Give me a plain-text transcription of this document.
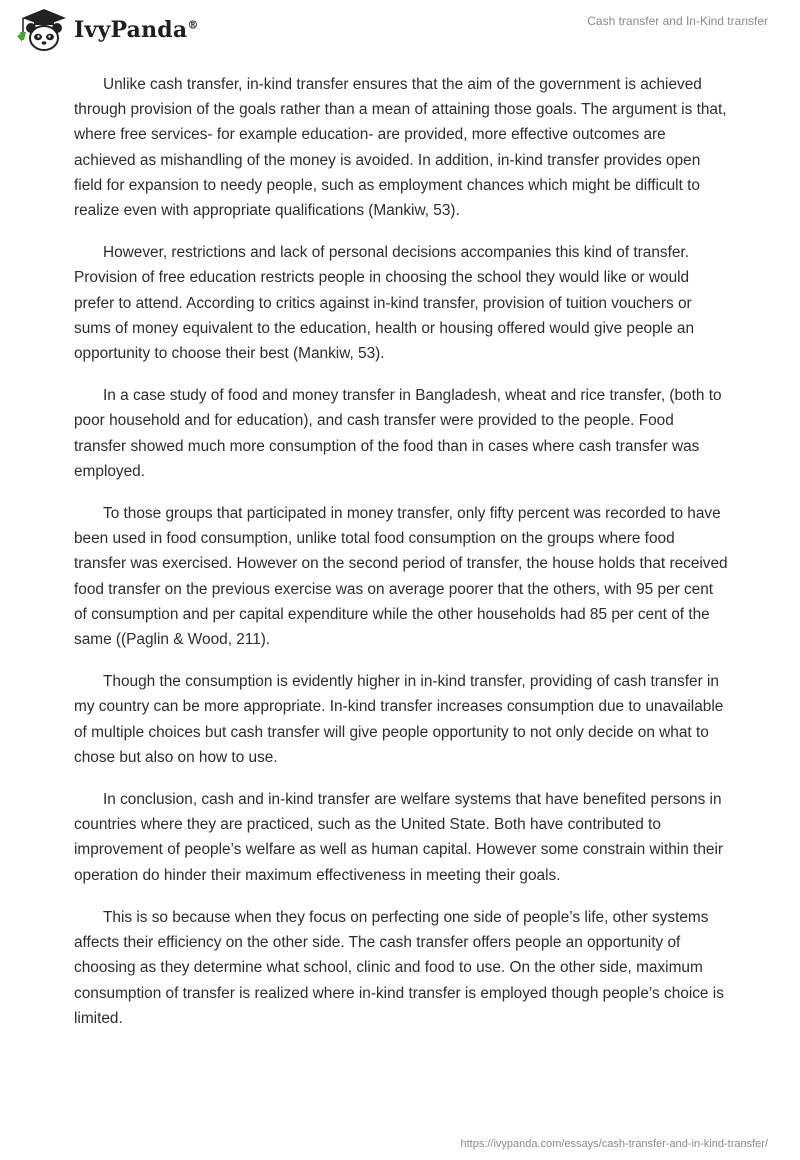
IvyPanda®	Cash transfer and In-Kind transfer

Unlike cash transfer, in-kind transfer ensures that the aim of the government is achieved through provision of the goals rather than a mean of attaining those goals. The argument is that, where free services- for example education- are provided, more effective outcomes are achieved as mishandling of the money is avoided. In addition, in-kind transfer provides open field for expansion to needy people, such as employment chances which might be difficult to realize even with appropriate qualifications (Mankiw, 53).

However, restrictions and lack of personal decisions accompanies this kind of transfer. Provision of free education restricts people in choosing the school they would like or would prefer to attend. According to critics against in-kind transfer, provision of tuition vouchers or sums of money equivalent to the education, health or housing offered would give people an opportunity to choose their best (Mankiw, 53).

In a case study of food and money transfer in Bangladesh, wheat and rice transfer, (both to poor household and for education), and cash transfer were provided to the people. Food transfer showed much more consumption of the food than in cases where cash transfer was employed.

To those groups that participated in money transfer, only fifty percent was recorded to have been used in food consumption, unlike total food consumption on the groups where food transfer was exercised. However on the second period of transfer, the house holds that received food transfer on the previous exercise was on average poorer that the others, with 95 per cent of consumption and per capital expenditure while the other households had 85 per cent of the same ((Paglin & Wood, 211).

Though the consumption is evidently higher in in-kind transfer, providing of cash transfer in my country can be more appropriate. In-kind transfer increases consumption due to unavailable of multiple choices but cash transfer will give people opportunity to not only decide on what to chose but also on how to use.

In conclusion, cash and in-kind transfer are welfare systems that have benefited persons in countries where they are practiced, such as the United State. Both have contributed to improvement of people’s welfare as well as human capital. However some constrain within their operation do hinder their maximum effectiveness in meeting their goals.

This is so because when they focus on perfecting one side of people’s life, other systems affects their efficiency on the other side. The cash transfer offers people an opportunity of choosing as they determine what school, clinic and food to use. On the other side, maximum consumption of transfer is realized where in-kind transfer is employed though people’s choice is limited.

https://ivypanda.com/essays/cash-transfer-and-in-kind-transfer/
